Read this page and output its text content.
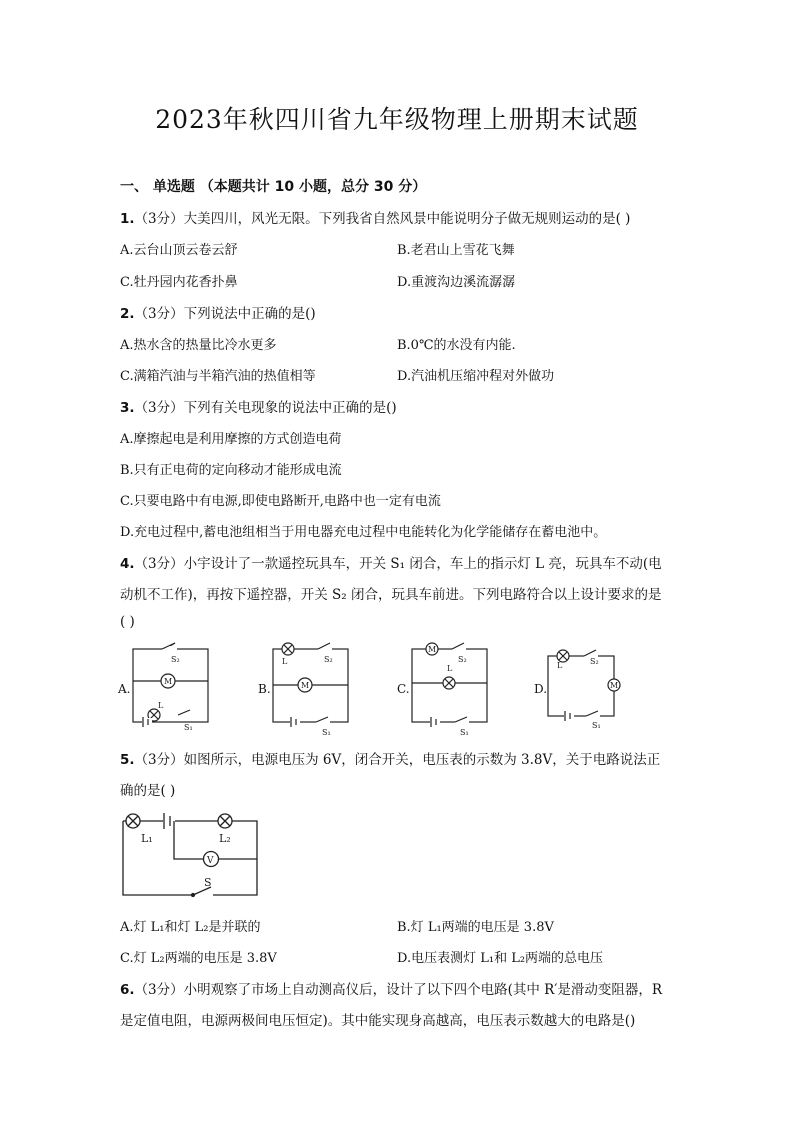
2023年秋四川省九年级物理上册期末试题
一、 单选题 （本题共计 10 小题，总分 30 分）
1.（3分）大美四川，风光无限。下列我省自然风景中能说明分子做无规则运动的是( )
A.云台山顶云卷云舒	B.老君山上雪花飞舞
C.牡丹园内花香扑鼻	D.重渡沟边溪流潺潺
2.（3分）下列说法中正确的是()
A.热水含的热量比冷水更多	B.0℃的水没有内能.
C.满箱汽油与半箱汽油的热值相等	D.汽油机压缩冲程对外做功
3.（3分）下列有关电现象的说法中正确的是()
A.摩擦起电是利用摩擦的方式创造电荷
B.只有正电荷的定向移动才能形成电流
C.只要电路中有电源,即使电路断开,电路中也一定有电流
D.充电过程中,蓄电池组相当于用电器充电过程中电能转化为化学能储存在蓄电池中。
4.（3分）小宇设计了一款遥控玩具车，开关 S₁ 闭合，车上的指示灯 L 亮，玩具车不动(电
动机不工作)，再按下遥控器，开关 S₂ 闭合，玩具车前进。下列电路符合以上设计要求的是
( )
M
S₂
L
S₁
M
L	S₂
S₁
M
S₂
L
S₁
L	S₂
M
S₁
A.	B.	C.	D.
5.（3分）如图所示，电源电压为 6V，闭合开关，电压表的示数为 3.8V，关于电路说法正
确的是( )
L₁	L₂
V
S
A.灯 L₁和灯 L₂是并联的	B.灯 L₁两端的电压是 3.8V
C.灯 L₂两端的电压是 3.8V	D.电压表测灯 L₁和 L₂两端的总电压
6.（3分）小明观察了市场上自动测高仪后，设计了以下四个电路(其中 R′是滑动变阻器，R
是定值电阻，电源两极间电压恒定)。其中能实现身高越高，电压表示数越大的电路是()
